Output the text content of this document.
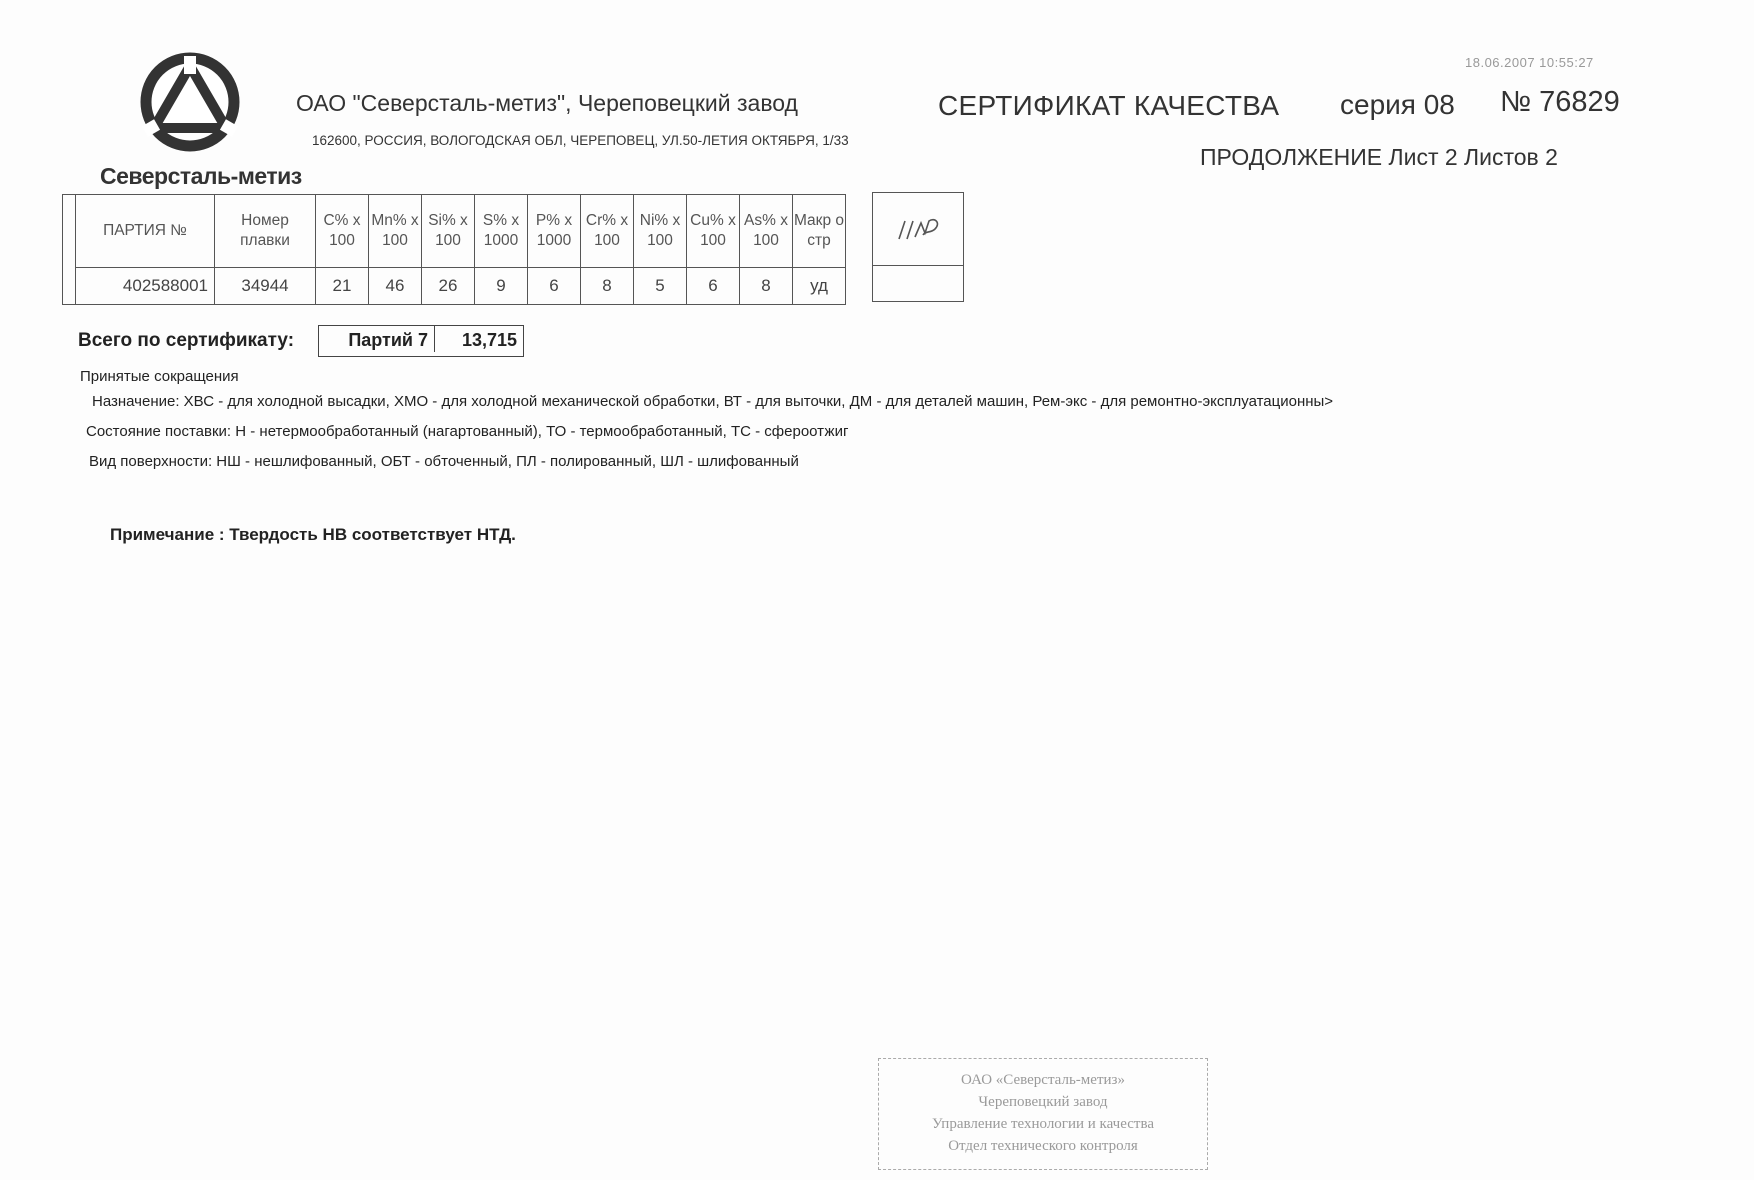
Северсталь-метиз
ОАО "Северсталь-метиз", Череповецкий завод
162600, РОССИЯ, ВОЛОГОДСКАЯ ОБЛ, ЧЕРЕПОВЕЦ, УЛ.50-ЛЕТИЯ ОКТЯБРЯ, 1/33
18.06.2007 10:55:27
СЕРТИФИКАТ КАЧЕСТВА серия 08 № 76829
ПРОДОЛЖЕНИЕ Лист 2 Листов 2
	ПАРТИЯ №	Номер плавки	С% х 100	Mn% х 100	Si% х 100	S% х 1000	P% х 1000	Cr% х 100	Ni% х 100	Cu% х 100	As% х 100	Макр о стр
	402588001	34944	21	46	26	9	6	8	5	6	8	уд
Всего по сертификату:	Партий 7	13,715
Принятые сокращения
Назначение: ХВС - для холодной высадки, ХМО - для холодной механической обработки, ВТ - для выточки, ДМ - для деталей машин, Рем-экс - для ремонтно-эксплуатационны>
Состояние поставки: Н - нетермообработанный (нагартованный), ТО - термообработанный, ТС - сфероотжиг
Вид поверхности: НШ - нешлифованный, ОБТ - обточенный, ПЛ - полированный, ШЛ - шлифованный
Примечание : Твердость НВ соответствует НТД.
ОАО «Северсталь-метиз»
Череповецкий завод
Управление технологии и качества
Отдел технического контроля
